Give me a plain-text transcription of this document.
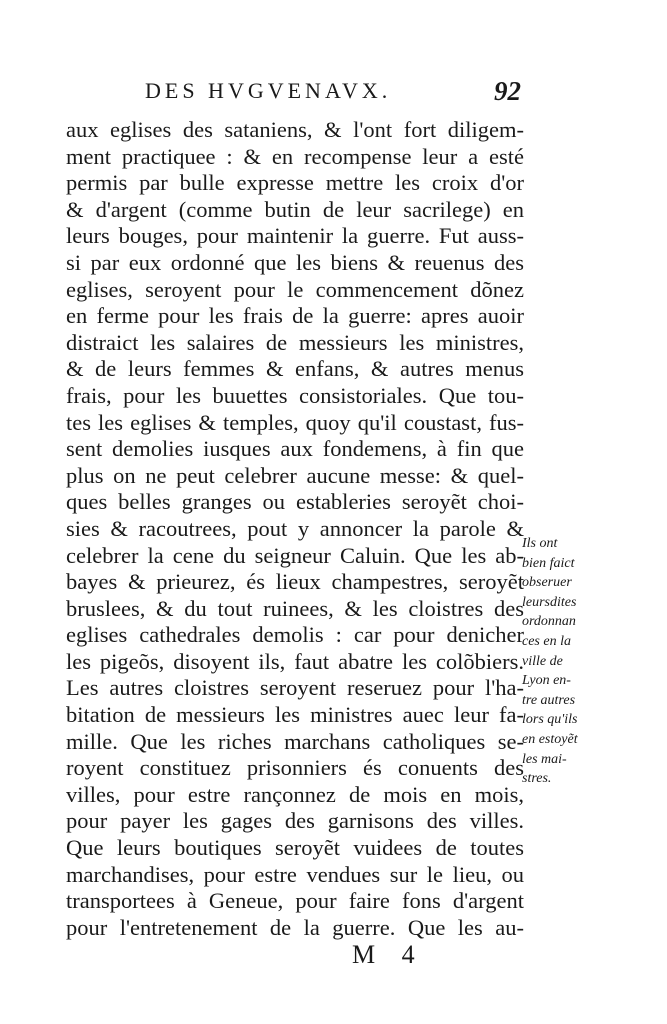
DES HVGVENAVX.	92
aux eglises des sataniens, & l'ont fort diligem-
ment practiquee : & en recompense leur a esté
permis par bulle expresse mettre les croix d'or
& d'argent (comme butin de leur sacrilege) en
leurs bouges, pour maintenir la guerre. Fut auss-
si par eux ordonné que les biens & reuenus des
eglises, seroyent pour le commencement dõnez
en ferme pour les frais de la guerre: apres auoir
distraict les salaires de messieurs les ministres,
& de leurs femmes & enfans, & autres menus
frais, pour les buuettes consistoriales. Que tou-
tes les eglises & temples, quoy qu'il coustast, fus-
sent demolies iusques aux fondemens, à fin que
plus on ne peut celebrer aucune messe: & quel-
ques belles granges ou estableries seroyẽt choi-
sies & racoutrees, pout y annoncer la parole &
celebrer la cene du seigneur Caluin. Que les ab-
bayes & prieurez, és lieux champestres, seroyẽt
bruslees, & du tout ruinees, & les cloistres des
eglises cathedrales demolis : car pour denicher
les pigeõs, disoyent ils, faut abatre les colõbiers.
Les autres cloistres seroyent reseruez pour l'ha-
bitation de messieurs les ministres auec leur fa-
mille. Que les riches marchans catholiques se-
royent constituez prisonniers és conuents des
villes, pour estre rançonnez de mois en mois,
pour payer les gages des garnisons des villes.
Que leurs boutiques seroyẽt vuidees de toutes
marchandises, pour estre vendues sur le lieu, ou
transportees à Geneue, pour faire fons d'argent
pour l'entretenement de la guerre. Que les au-
Ils ont
bien faict
obseruer
leursdites
ordonnan
ces en la
ville de
Lyon en-
tre autres
lors qu'ils
en estoyẽt
les mai-
stres.
M 4
